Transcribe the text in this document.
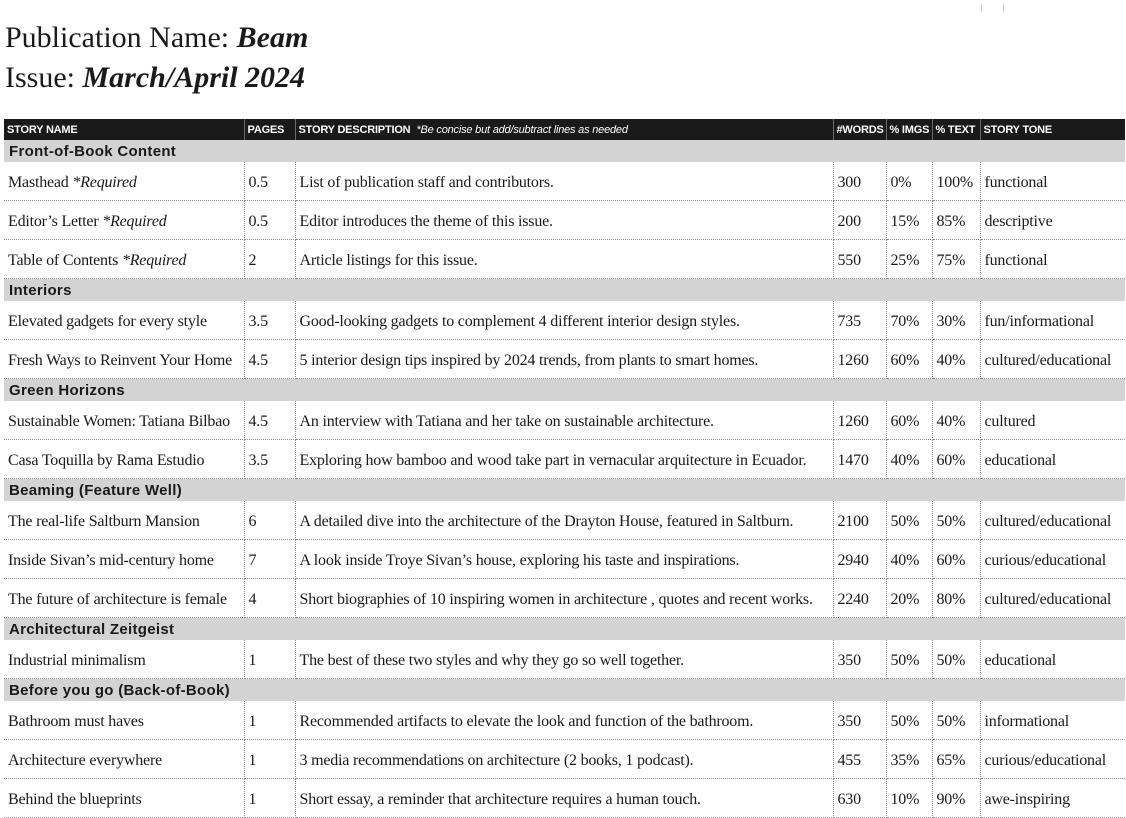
Publication Name: Beam
Issue: March/April 2024
STORY NAME	PAGES	STORY DESCRIPTION *Be concise but add/subtract lines as needed	#WORDS	% IMGS	% TEXT	STORY TONE
Front-of-Book Content						
Masthead *Required	0.5	List of publication staff and contributors.	300	0%	100%	functional
Editor’s Letter *Required	0.5	Editor introduces the theme of this issue.	200	15%	85%	descriptive
Table of Contents *Required	2	Article listings for this issue.	550	25%	75%	functional
Interiors						
Elevated gadgets for every style	3.5	Good-looking gadgets to complement 4 different interior design styles.	735	70%	30%	fun/informational
Fresh Ways to Reinvent Your Home	4.5	5 interior design tips inspired by 2024 trends, from plants to smart homes.	1260	60%	40%	cultured/educational
Green Horizons						
Sustainable Women: Tatiana Bilbao	4.5	An interview with Tatiana and her take on sustainable architecture.	1260	60%	40%	cultured
Casa Toquilla by Rama Estudio	3.5	Exploring how bamboo and wood take part in vernacular arquitecture in Ecuador.	1470	40%	60%	educational
Beaming (Feature Well)						
The real-life Saltburn Mansion	6	A detailed dive into the architecture of the Drayton House, featured in Saltburn.	2100	50%	50%	cultured/educational
Inside Sivan’s mid-century home	7	A look inside Troye Sivan’s house, exploring his taste and inspirations.	2940	40%	60%	curious/educational
The future of architecture is female	4	Short biographies of 10 inspiring women in architecture , quotes and recent works.	2240	20%	80%	cultured/educational
Architectural Zeitgeist						
Industrial minimalism	1	The best of these two styles and why they go so well together.	350	50%	50%	educational
Before you go (Back-of-Book)						
Bathroom must haves	1	Recommended artifacts to elevate the look and function of the bathroom.	350	50%	50%	informational
Architecture everywhere	1	3 media recommendations on architecture (2 books, 1 podcast).	455	35%	65%	curious/educational
Behind the blueprints	1	Short essay, a reminder that architecture requires a human touch.	630	10%	90%	awe-inspiring
